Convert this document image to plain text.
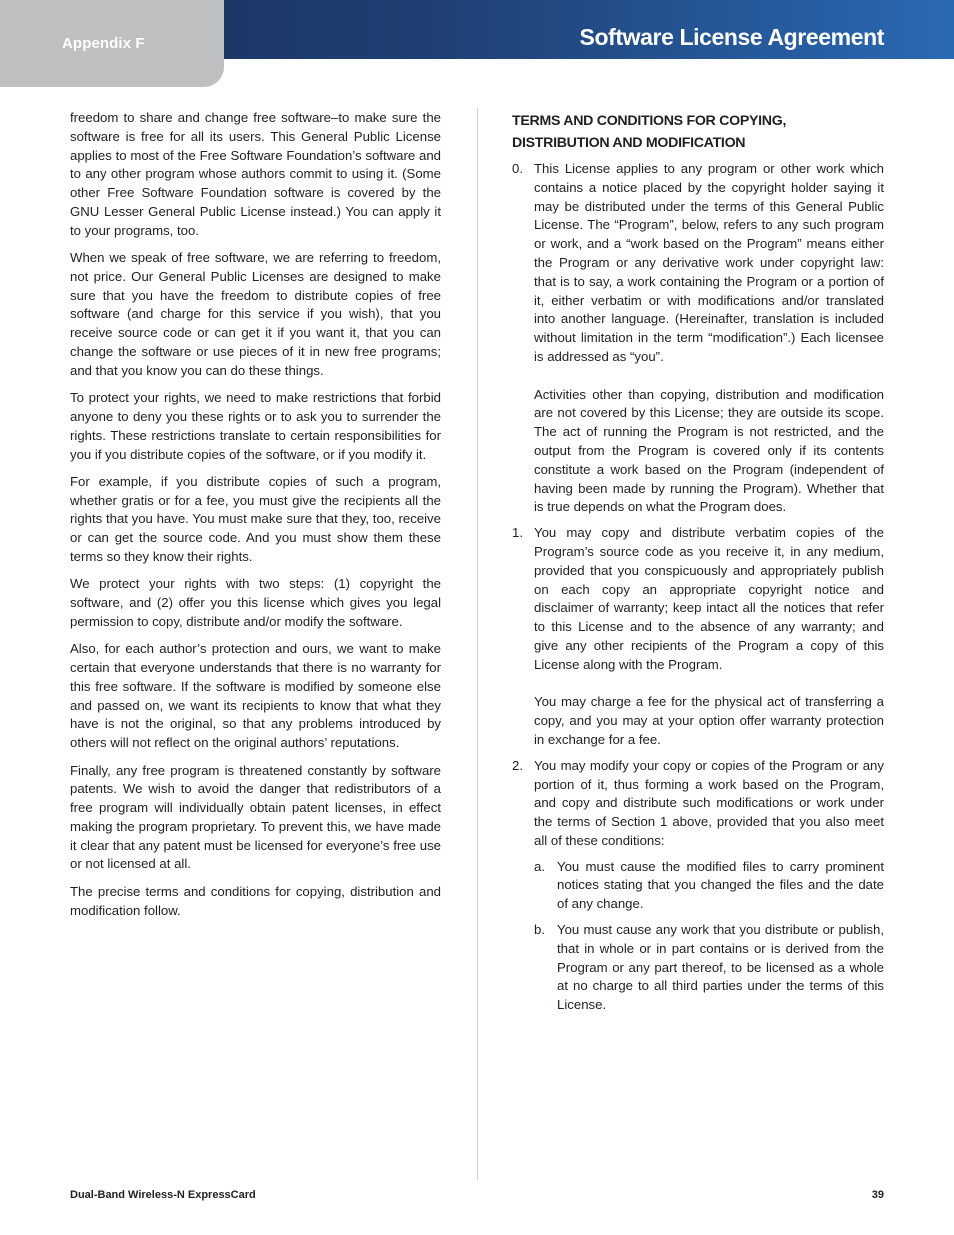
Appendix F	Software License Agreement

freedom to share and change free software–to make sure the software is free for all its users. This General Public License applies to most of the Free Software Foundation’s software and to any other program whose authors commit to using it. (Some other Free Software Foundation software is covered by the GNU Lesser General Public License instead.) You can apply it to your programs, too.

When we speak of free software, we are referring to freedom, not price. Our General Public Licenses are designed to make sure that you have the freedom to distribute copies of free software (and charge for this service if you wish), that you receive source code or can get it if you want it, that you can change the software or use pieces of it in new free programs; and that you know you can do these things.

To protect your rights, we need to make restrictions that forbid anyone to deny you these rights or to ask you to surrender the rights. These restrictions translate to certain responsibilities for you if you distribute copies of the software, or if you modify it.

For example, if you distribute copies of such a program, whether gratis or for a fee, you must give the recipients all the rights that you have. You must make sure that they, too, receive or can get the source code. And you must show them these terms so they know their rights.

We protect your rights with two steps: (1) copyright the software, and (2) offer you this license which gives you legal permission to copy, distribute and/or modify the software.

Also, for each author’s protection and ours, we want to make certain that everyone understands that there is no warranty for this free software. If the software is modified by someone else and passed on, we want its recipients to know that what they have is not the original, so that any problems introduced by others will not reflect on the original authors’ reputations.

Finally, any free program is threatened constantly by software patents. We wish to avoid the danger that redistributors of a free program will individually obtain patent licenses, in effect making the program proprietary. To prevent this, we have made it clear that any patent must be licensed for everyone’s free use or not licensed at all.

The precise terms and conditions for copying, distribution and modification follow.

TERMS AND CONDITIONS FOR COPYING, DISTRIBUTION AND MODIFICATION
0. This License applies to any program or other work which contains a notice placed by the copyright holder saying it may be distributed under the terms of this General Public License. The “Program”, below, refers to any such program or work, and a “work based on the Program” means either the Program or any derivative work under copyright law: that is to say, a work containing the Program or a portion of it, either verbatim or with modifications and/or translated into another language. (Hereinafter, translation is included without limitation in the term “modification”.) Each licensee is addressed as “you”.

Activities other than copying, distribution and modification are not covered by this License; they are outside its scope. The act of running the Program is not restricted, and the output from the Program is covered only if its contents constitute a work based on the Program (independent of having been made by running the Program). Whether that is true depends on what the Program does.

1. You may copy and distribute verbatim copies of the Program’s source code as you receive it, in any medium, provided that you conspicuously and appropriately publish on each copy an appropriate copyright notice and disclaimer of warranty; keep intact all the notices that refer to this License and to the absence of any warranty; and give any other recipients of the Program a copy of this License along with the Program.

You may charge a fee for the physical act of transferring a copy, and you may at your option offer warranty protection in exchange for a fee.

2. You may modify your copy or copies of the Program or any portion of it, thus forming a work based on the Program, and copy and distribute such modifications or work under the terms of Section 1 above, provided that you also meet all of these conditions:

a. You must cause the modified files to carry prominent notices stating that you changed the files and the date of any change.

b. You must cause any work that you distribute or publish, that in whole or in part contains or is derived from the Program or any part thereof, to be licensed as a whole at no charge to all third parties under the terms of this License.

Dual-Band Wireless-N ExpressCard	39
